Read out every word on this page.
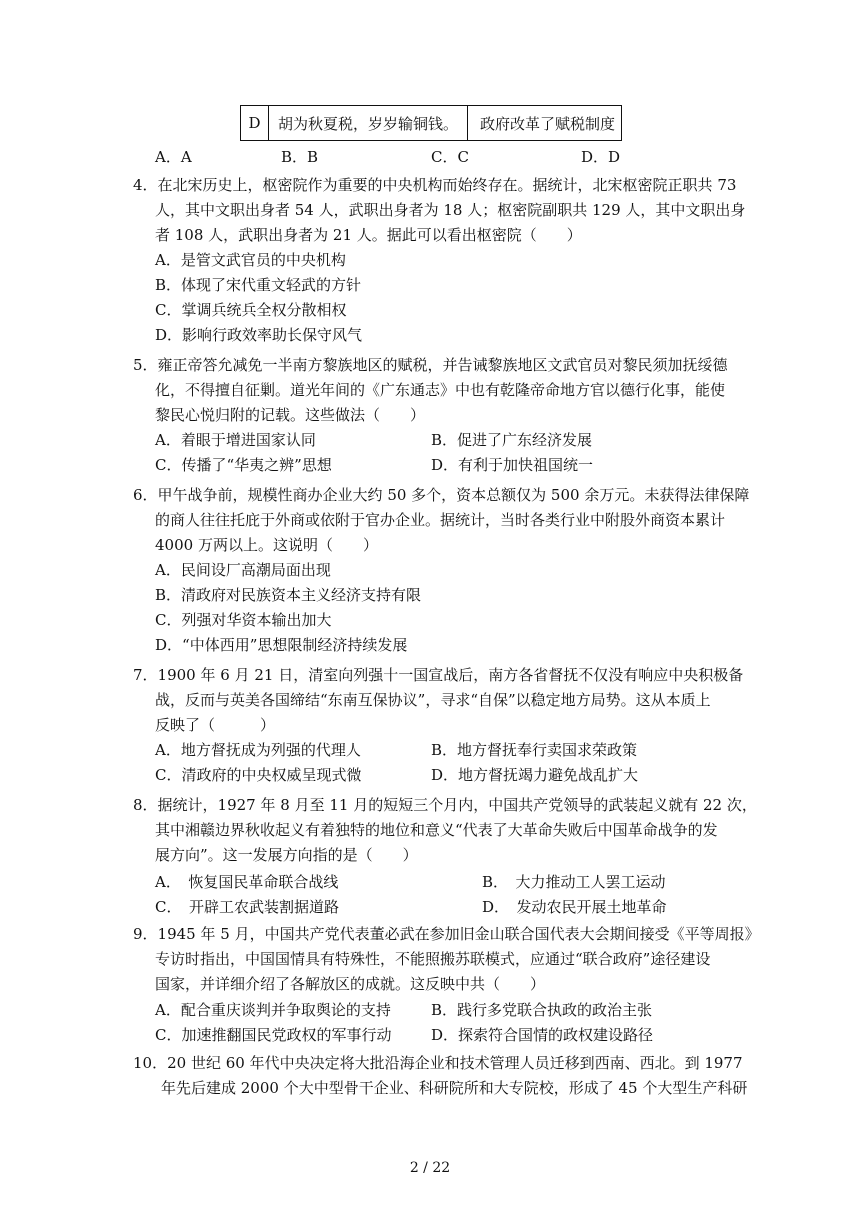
D	胡为秋夏税，岁岁输铜钱。	政府改革了赋税制度
A．A	B．B	C．C	D．D
4．在北宋历史上，枢密院作为重要的中央机构而始终存在。据统计，北宋枢密院正职共 73
人，其中文职出身者 54 人，武职出身者为 18 人；枢密院副职共 129 人，其中文职出身
者 108 人，武职出身者为 21 人。据此可以看出枢密院（　　）
A．是管文武官员的中央机构
B．体现了宋代重文轻武的方针
C．掌调兵统兵全权分散相权
D．影响行政效率助长保守风气
5．雍正帝答允减免一半南方黎族地区的赋税，并告诫黎族地区文武官员对黎民须加抚绥德
化，不得擅自征剿。道光年间的《广东通志》中也有乾隆帝命地方官以德行化事，能使
黎民心悦归附的记载。这些做法（　　）
A．着眼于增进国家认同	B．促进了广东经济发展
C．传播了“华夷之辨”思想	D．有利于加快祖国统一
6．甲午战争前，规模性商办企业大约 50 多个，资本总额仅为 500 余万元。未获得法律保障
的商人往往托庇于外商或依附于官办企业。据统计，当时各类行业中附股外商资本累计
4000 万两以上。这说明（　　）
A．民间设厂高潮局面出现
B．清政府对民族资本主义经济支持有限
C．列强对华资本输出加大
D．“中体西用”思想限制经济持续发展
7．1900 年 6 月 21 日，清室向列强十一国宣战后，南方各省督抚不仅没有响应中央积极备
战，反而与英美各国缔结“东南互保协议”，寻求“自保”以稳定地方局势。这从本质上
反映了（　　　）
A．地方督抚成为列强的代理人	B．地方督抚奉行卖国求荣政策
C．清政府的中央权威呈现式微	D．地方督抚竭力避免战乱扩大
8．据统计，1927 年 8 月至 11 月的短短三个月内，中国共产党领导的武装起义就有 22 次，
其中湘赣边界秋收起义有着独特的地位和意义“代表了大革命失败后中国革命战争的发
展方向”。这一发展方向指的是（　　）
A．　恢复国民革命联合战线	B．　大力推动工人罢工运动
C．　开辟工农武装割据道路	D．　发动农民开展土地革命
9．1945 年 5 月，中国共产党代表董必武在参加旧金山联合国代表大会期间接受《平等周报》
专访时指出，中国国情具有特殊性，不能照搬苏联模式，应通过“联合政府”途径建设
国家，并详细介绍了各解放区的成就。这反映中共（　　）
A．配合重庆谈判并争取舆论的支持	B．践行多党联合执政的政治主张
C．加速推翻国民党政权的军事行动	D．探索符合国情的政权建设路径
10．20 世纪 60 年代中央决定将大批沿海企业和技术管理人员迁移到西南、西北。到 1977
年先后建成 2000 个大中型骨干企业、科研院所和大专院校，形成了 45 个大型生产科研
2 / 22
